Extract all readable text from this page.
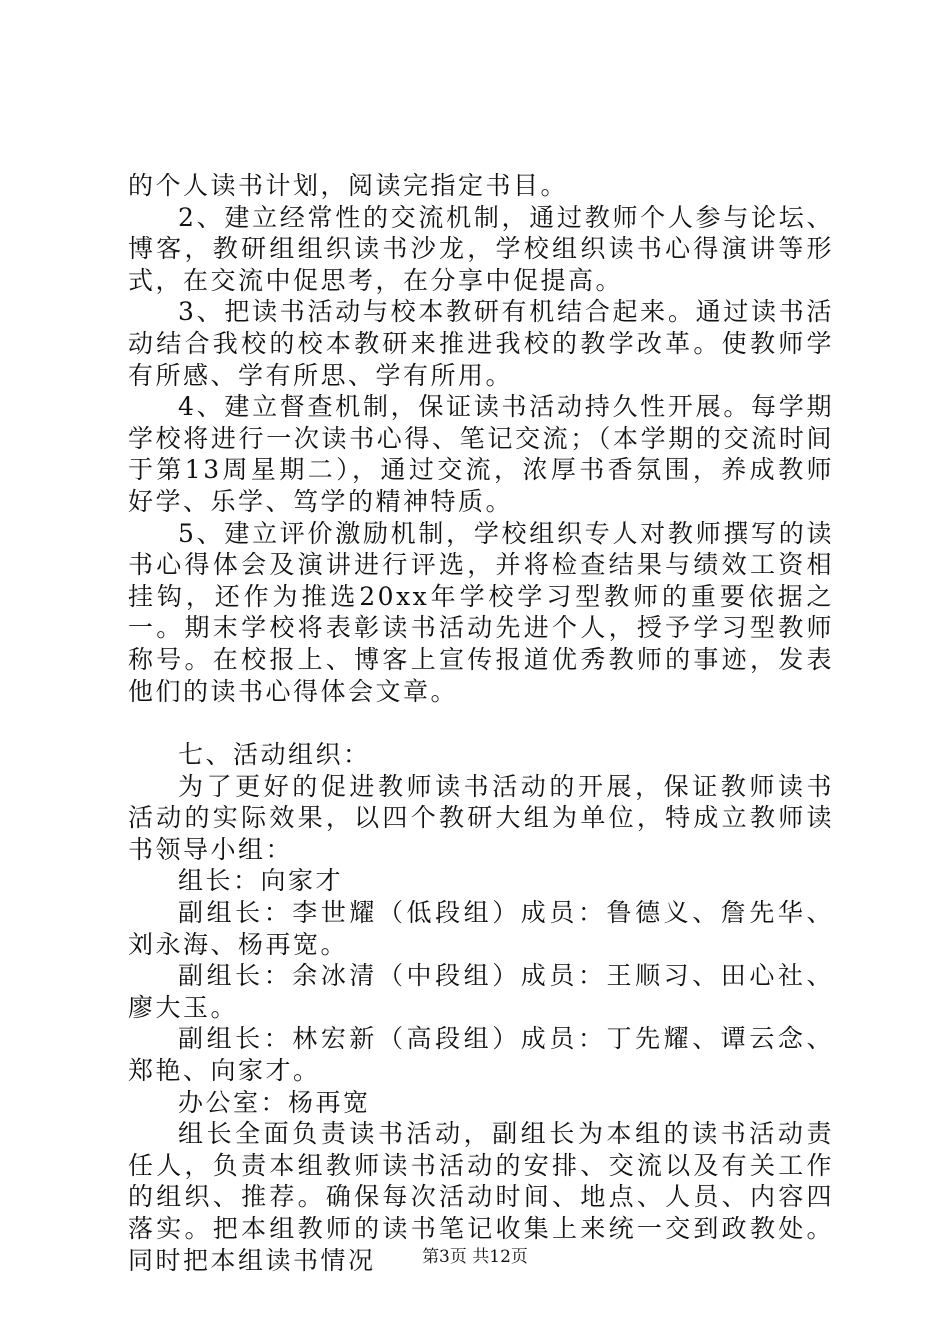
的个人读书计划，阅读完指定书目。

2、建立经常性的交流机制，通过教师个人参与论坛、博客，教研组组织读书沙龙，学校组织读书心得演讲等形式，在交流中促思考，在分享中促提高。

3、把读书活动与校本教研有机结合起来。通过读书活动结合我校的校本教研来推进我校的教学改革。使教师学有所感、学有所思、学有所用。

4、建立督查机制，保证读书活动持久性开展。每学期学校将进行一次读书心得、笔记交流；（本学期的交流时间于第13周星期二），通过交流，浓厚书香氛围，养成教师好学、乐学、笃学的精神特质。

5、建立评价激励机制，学校组织专人对教师撰写的读书心得体会及演讲进行评选，并将检查结果与绩效工资相挂钩，还作为推选20xx年学校学习型教师的重要依据之一。期末学校将表彰读书活动先进个人，授予学习型教师称号。在校报上、博客上宣传报道优秀教师的事迹，发表他们的读书心得体会文章。

七、活动组织：

为了更好的促进教师读书活动的开展，保证教师读书活动的实际效果，以四个教研大组为单位，特成立教师读书领导小组：

组长：向家才

副组长：李世耀（低段组）成员：鲁德义、詹先华、刘永海、杨再宽。

副组长：余冰清（中段组）成员：王顺习、田心社、廖大玉。

副组长：林宏新（高段组）成员：丁先耀、谭云念、郑艳、向家才。

办公室：杨再宽

组长全面负责读书活动，副组长为本组的读书活动责任人，负责本组教师读书活动的安排、交流以及有关工作的组织、推荐。确保每次活动时间、地点、人员、内容四落实。把本组教师的读书笔记收集上来统一交到政教处。同时把本组读书情况	第3页 共12页
